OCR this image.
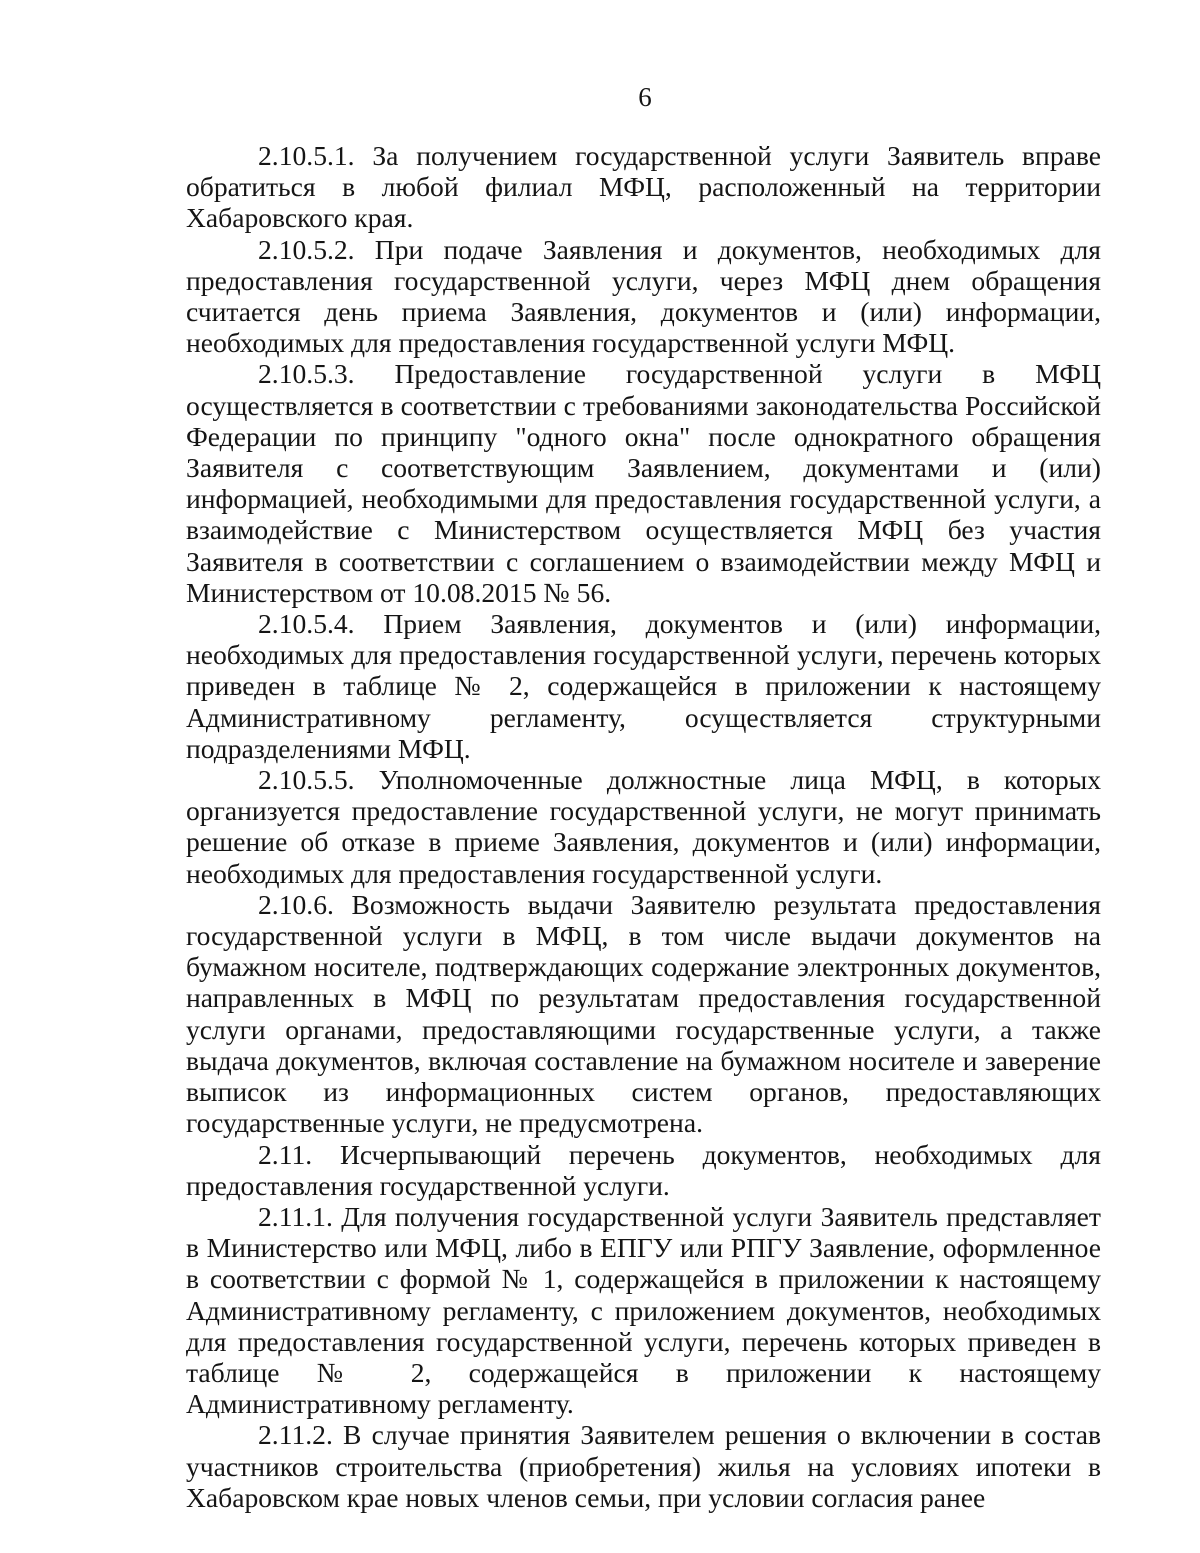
6

2.10.5.1. За получением государственной услуги Заявитель вправе обратиться в любой филиал МФЦ, расположенный на территории Хабаровского края.

2.10.5.2. При подаче Заявления и документов, необходимых для предоставления государственной услуги, через МФЦ днем обращения считается день приема Заявления, документов и (или) информации, необходимых для предоставления государственной услуги МФЦ.

2.10.5.3. Предоставление государственной услуги в МФЦ осуществляется в соответствии с требованиями законодательства Российской Федерации по принципу "одного окна" после однократного обращения Заявителя с соответствующим Заявлением, документами и (или) информацией, необходимыми для предоставления государственной услуги, а взаимодействие с Министерством осуществляется МФЦ без участия Заявителя в соответствии с соглашением о взаимодействии между МФЦ и Министерством от 10.08.2015 № 56.

2.10.5.4. Прием Заявления, документов и (или) информации, необходимых для предоставления государственной услуги, перечень которых приведен в таблице № 2, содержащейся в приложении к настоящему Административному регламенту, осуществляется структурными подразделениями МФЦ.

2.10.5.5. Уполномоченные должностные лица МФЦ, в которых организуется предоставление государственной услуги, не могут принимать решение об отказе в приеме Заявления, документов и (или) информации, необходимых для предоставления государственной услуги.

2.10.6. Возможность выдачи Заявителю результата предоставления государственной услуги в МФЦ, в том числе выдачи документов на бумажном носителе, подтверждающих содержание электронных документов, направленных в МФЦ по результатам предоставления государственной услуги органами, предоставляющими государственные услуги, а также выдача документов, включая составление на бумажном носителе и заверение выписок из информационных систем органов, предоставляющих государственные услуги, не предусмотрена.

2.11. Исчерпывающий перечень документов, необходимых для предоставления государственной услуги.

2.11.1. Для получения государственной услуги Заявитель представляет в Министерство или МФЦ, либо в ЕПГУ или РПГУ Заявление, оформленное в соответствии с формой № 1, содержащейся в приложении к настоящему Административному регламенту, с приложением документов, необходимых для предоставления государственной услуги, перечень которых приведен в таблице № 2, содержащейся в приложении к настоящему Административному регламенту.

2.11.2. В случае принятия Заявителем решения о включении в состав участников строительства (приобретения) жилья на условиях ипотеки в Хабаровском крае новых членов семьи, при условии согласия ранее
